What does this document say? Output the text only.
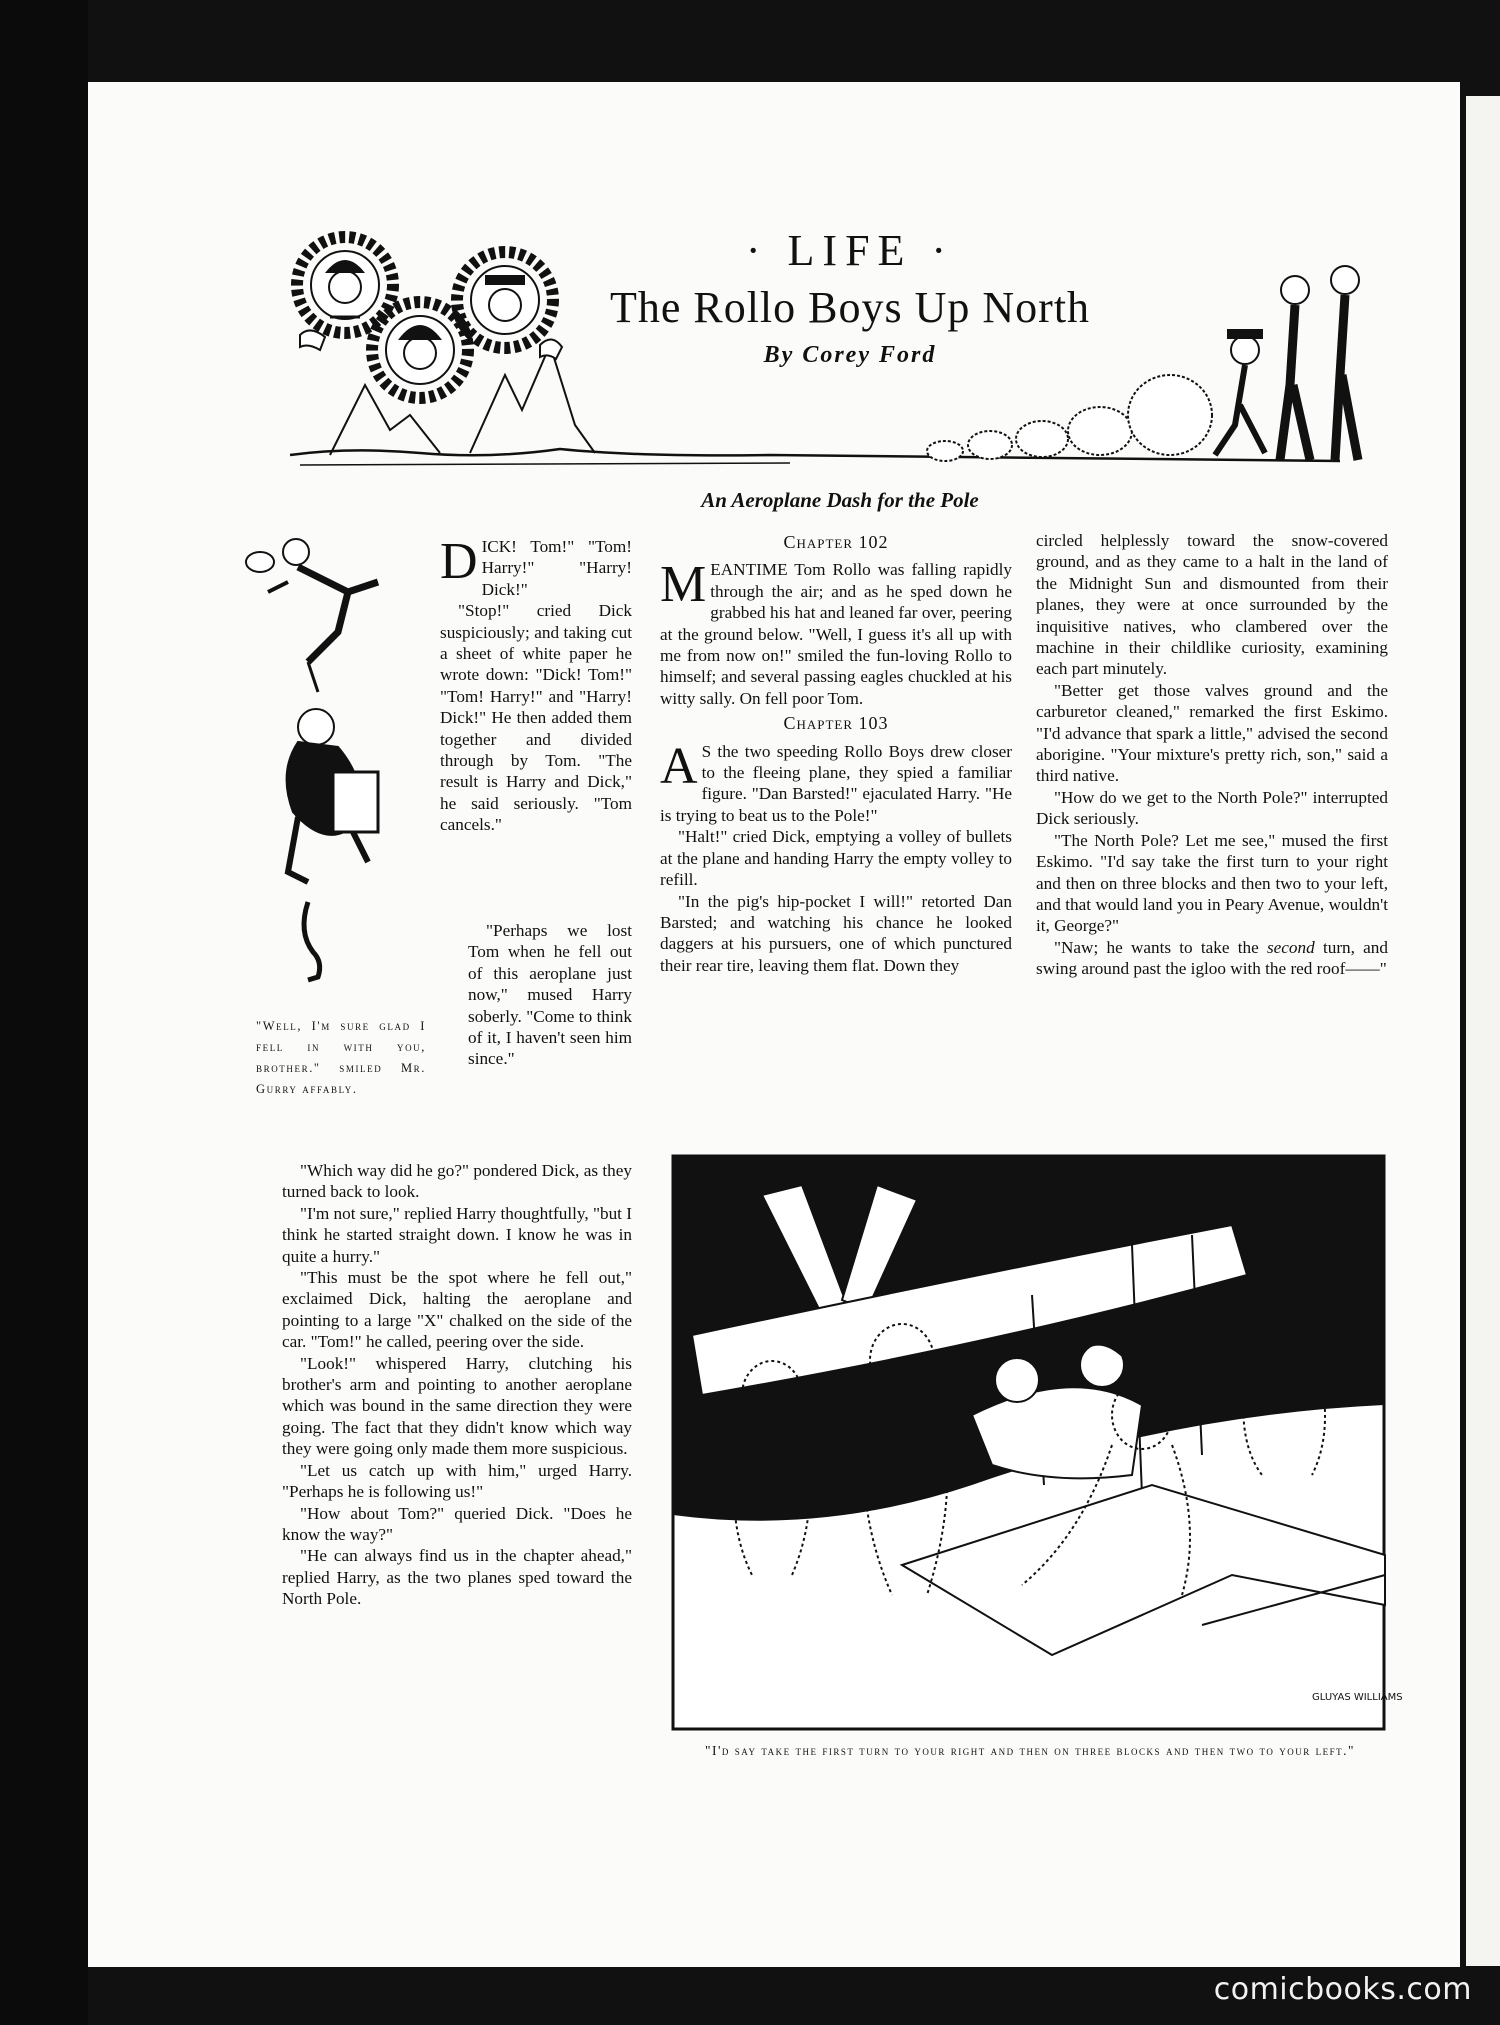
· LIFE ·
The Rollo Boys Up North
By Corey Ford
An Aeroplane Dash for the Pole
"Well, I'm sure glad I fell in with you, brother." smiled Mr. Gurry affably.
D ICK! Tom!" "Tom! Harry!" "Harry! Dick!"

"Stop!" cried Dick suspiciously; and taking cut a sheet of white paper he wrote down: "Dick! Tom!" "Tom! Harry!" and "Harry! Dick!" He then added them together and divided through by Tom. "The result is Harry and Dick," he said seriously. "Tom cancels."

"Perhaps we lost Tom when he fell out of this aeroplane just now," mused Harry soberly. "Come to think of it, I haven't seen him since."

"Which way did he go?" pondered Dick, as they turned back to look.

"I'm not sure," replied Harry thoughtfully, "but I think he started straight down. I know he was in quite a hurry."

"This must be the spot where he fell out," exclaimed Dick, halting the aeroplane and pointing to a large "X" chalked on the side of the car. "Tom!" he called, peering over the side.

"Look!" whispered Harry, clutching his brother's arm and pointing to another aeroplane which was bound in the same direction they were going. The fact that they didn't know which way they were going only made them more suspicious.

"Let us catch up with him," urged Harry. "Perhaps he is following us!"

"How about Tom?" queried Dick. "Does he know the way?"

"He can always find us in the chapter ahead," replied Harry, as the two planes sped toward the North Pole.

Chapter 102

M EANTIME Tom Rollo was falling rapidly through the air; and as he sped down he grabbed his hat and leaned far over, peering at the ground below. "Well, I guess it's all up with me from now on!" smiled the fun-loving Rollo to himself; and several passing eagles chuckled at his witty sally. On fell poor Tom.

Chapter 103

A S the two speeding Rollo Boys drew closer to the fleeing plane, they spied a familiar figure. "Dan Barsted!" ejaculated Harry. "He is trying to beat us to the Pole!"

"Halt!" cried Dick, emptying a volley of bullets at the plane and handing Harry the empty volley to refill.

"In the pig's hip-pocket I will!" retorted Dan Barsted; and watching his chance he looked daggers at his pursuers, one of which punctured their rear tire, leaving them flat. Down they

circled helplessly toward the snow-covered ground, and as they came to a halt in the land of the Midnight Sun and dismounted from their planes, they were at once surrounded by the inquisitive natives, who clambered over the machine in their childlike curiosity, examining each part minutely.

"Better get those valves ground and the carburetor cleaned," remarked the first Eskimo. "I'd advance that spark a little," advised the second aborigine. "Your mixture's pretty rich, son," said a third native.

"How do we get to the North Pole?" interrupted Dick seriously.

"The North Pole? Let me see," mused the first Eskimo. "I'd say take the first turn to your right and then on three blocks and then two to your left, and that would land you in Peary Avenue, wouldn't it, George?"

"Naw; he wants to take the second turn, and swing around past the igloo with the red roof——"

GLUYAS WILLIAMS
"I'd say take the first turn to your right and then on three blocks and then two to your left."
comicbooks.com
